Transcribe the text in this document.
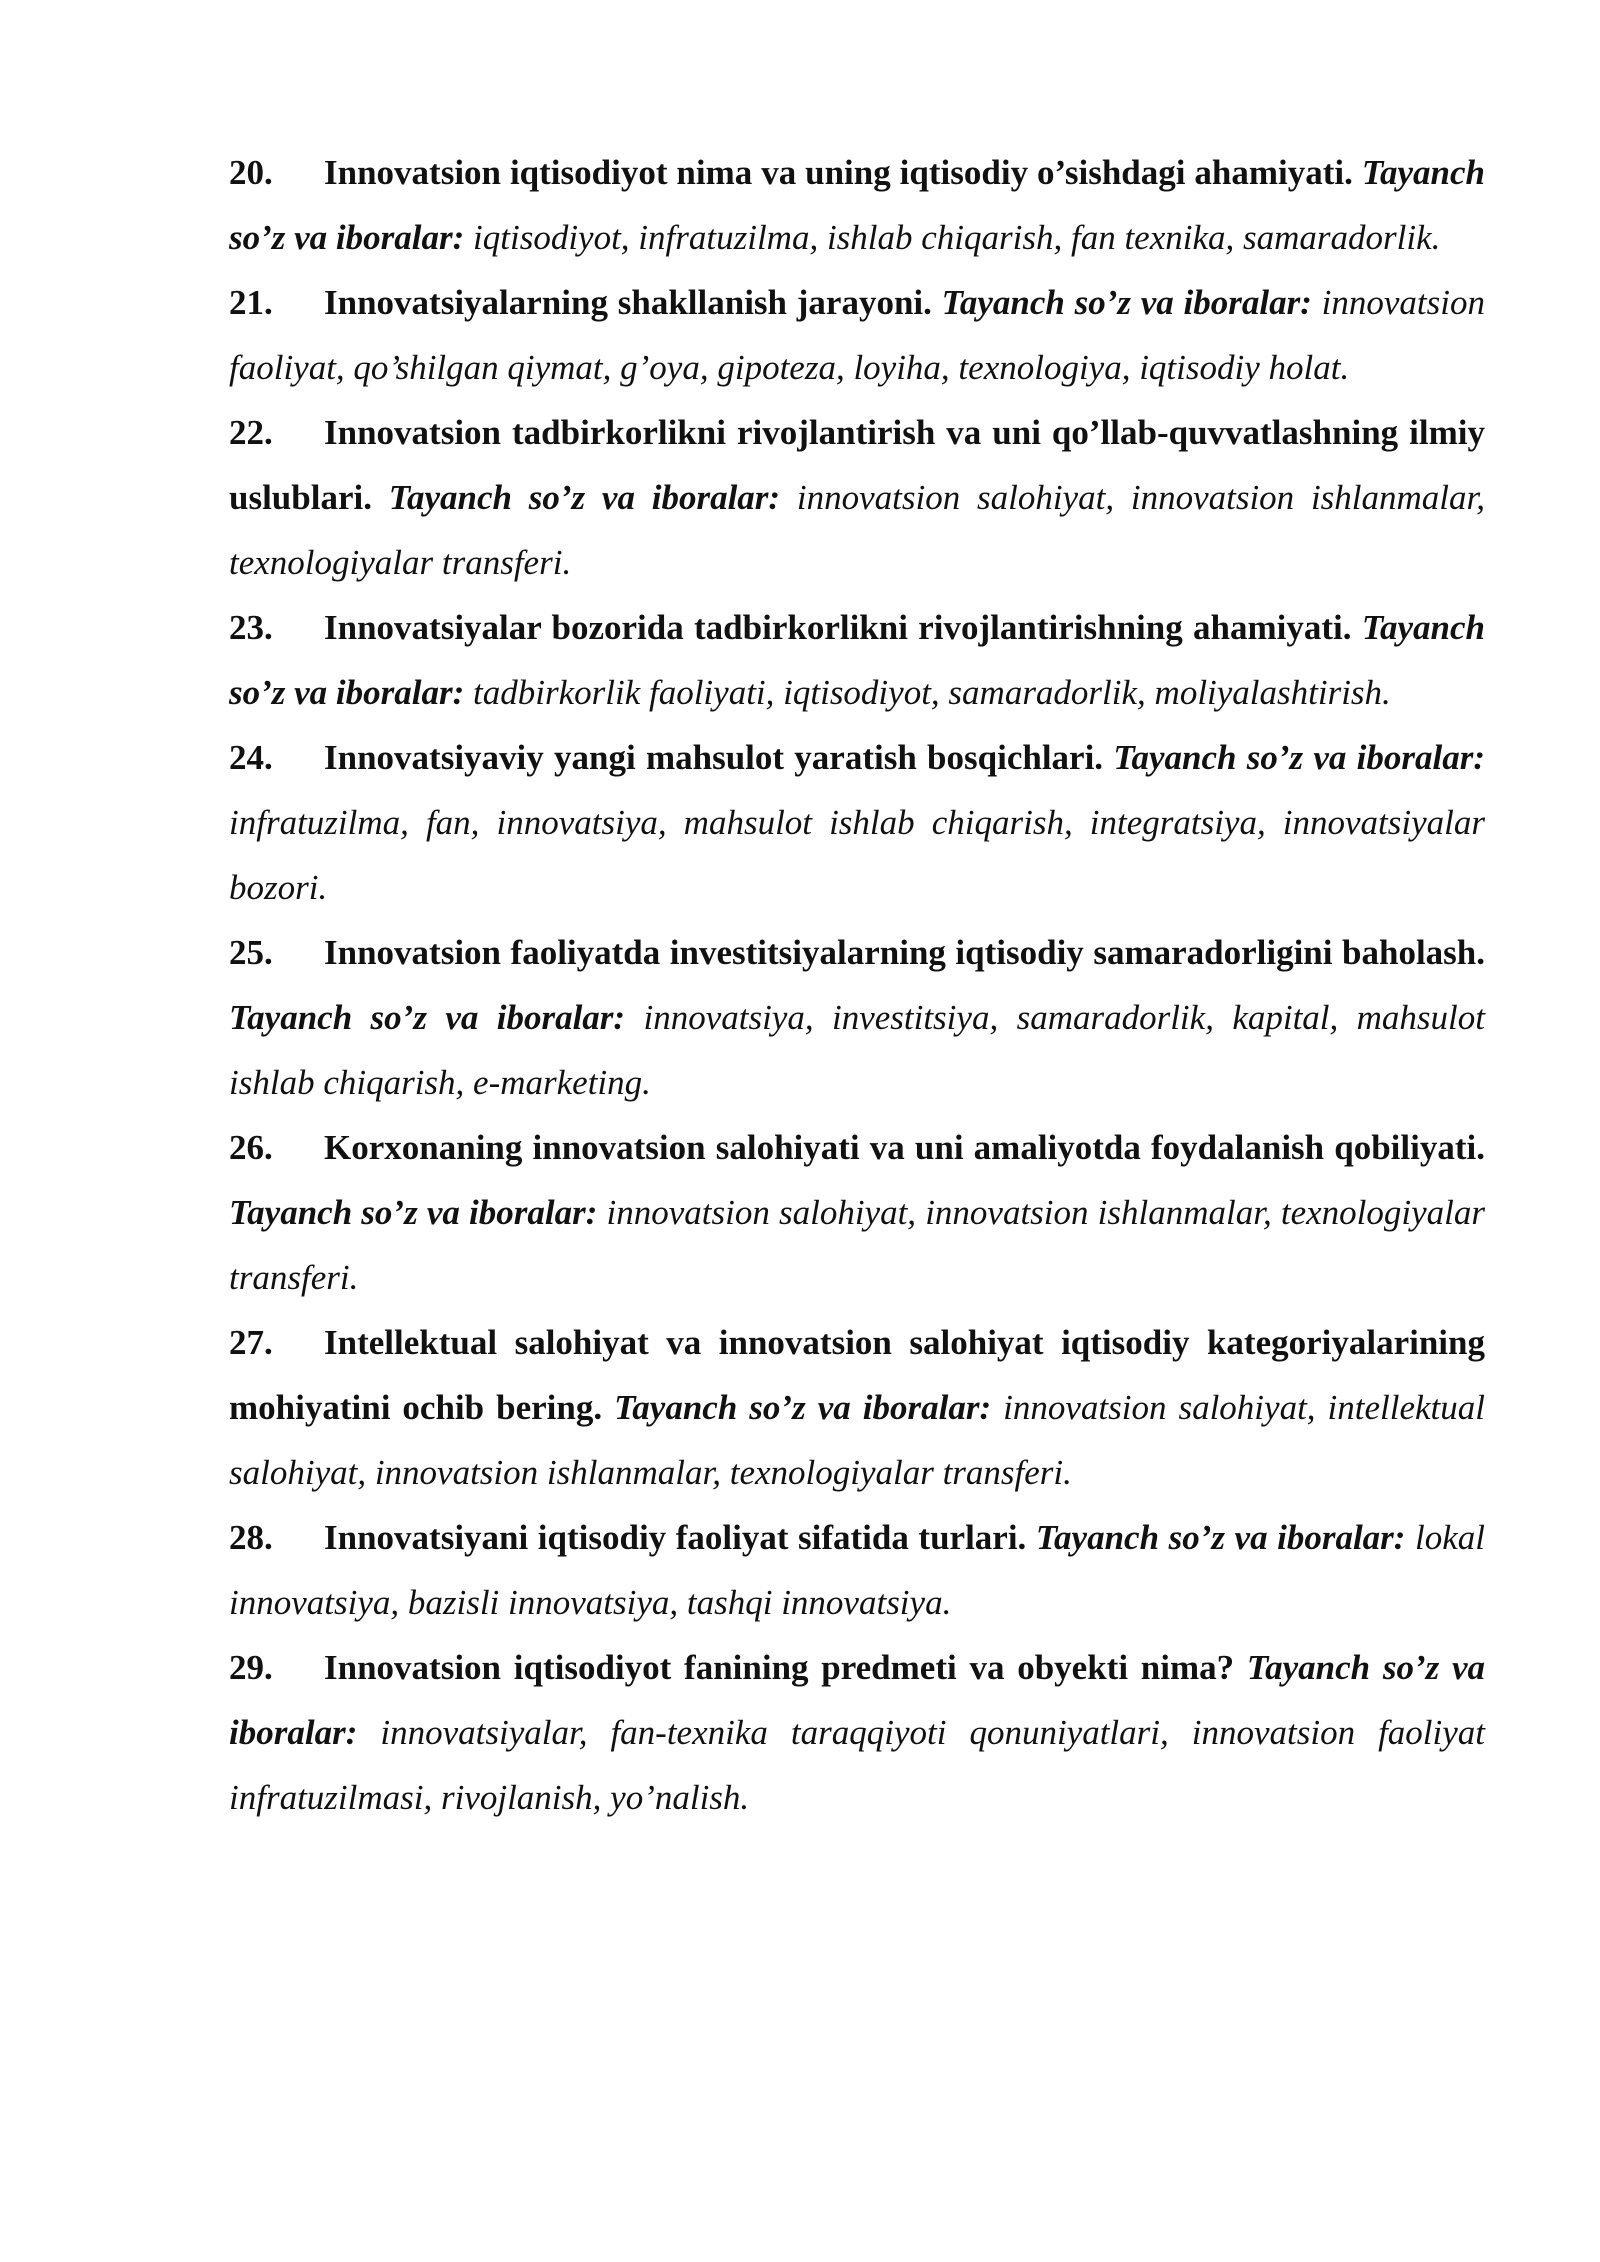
20. Innovatsion iqtisodiyot nima va uning iqtisodiy o’sishdagi ahamiyati. Tayanch so’z va iboralar: iqtisodiyot, infratuzilma, ishlab chiqarish, fan texnika, samaradorlik.

21. Innovatsiyalarning shakllanish jarayoni. Tayanch so’z va iboralar: innovatsion faoliyat, qo’shilgan qiymat, g’oya, gipoteza, loyiha, texnologiya, iqtisodiy holat.

22. Innovatsion tadbirkorlikni rivojlantirish va uni qo’llab-quvvatlashning ilmiy uslublari. Tayanch so’z va iboralar: innovatsion salohiyat, innovatsion ishlanmalar, texnologiyalar transferi.

23. Innovatsiyalar bozorida tadbirkorlikni rivojlantirishning ahamiyati. Tayanch so’z va iboralar: tadbirkorlik faoliyati, iqtisodiyot, samaradorlik, moliyalashtirish.

24. Innovatsiyaviy yangi mahsulot yaratish bosqichlari. Tayanch so’z va iboralar: infratuzilma, fan, innovatsiya, mahsulot ishlab chiqarish, integratsiya, innovatsiyalar bozori.

25. Innovatsion faoliyatda investitsiyalarning iqtisodiy samaradorligini baholash. Tayanch so’z va iboralar: innovatsiya, investitsiya, samaradorlik, kapital, mahsulot ishlab chiqarish, e-marketing.

26. Korxonaning innovatsion salohiyati va uni amaliyotda foydalanish qobiliyati. Tayanch so’z va iboralar: innovatsion salohiyat, innovatsion ishlanmalar, texnologiyalar transferi.

27. Intellektual salohiyat va innovatsion salohiyat iqtisodiy kategoriyalarining mohiyatini ochib bering. Tayanch so’z va iboralar: innovatsion salohiyat, intellektual salohiyat, innovatsion ishlanmalar, texnologiyalar transferi.

28. Innovatsiyani iqtisodiy faoliyat sifatida turlari. Tayanch so’z va iboralar: lokal innovatsiya, bazisli innovatsiya, tashqi innovatsiya.

29. Innovatsion iqtisodiyot fanining predmeti va obyekti nima? Tayanch so’z va iboralar: innovatsiyalar, fan-texnika taraqqiyoti qonuniyatlari, innovatsion faoliyat infratuzilmasi, rivojlanish, yo’nalish.
